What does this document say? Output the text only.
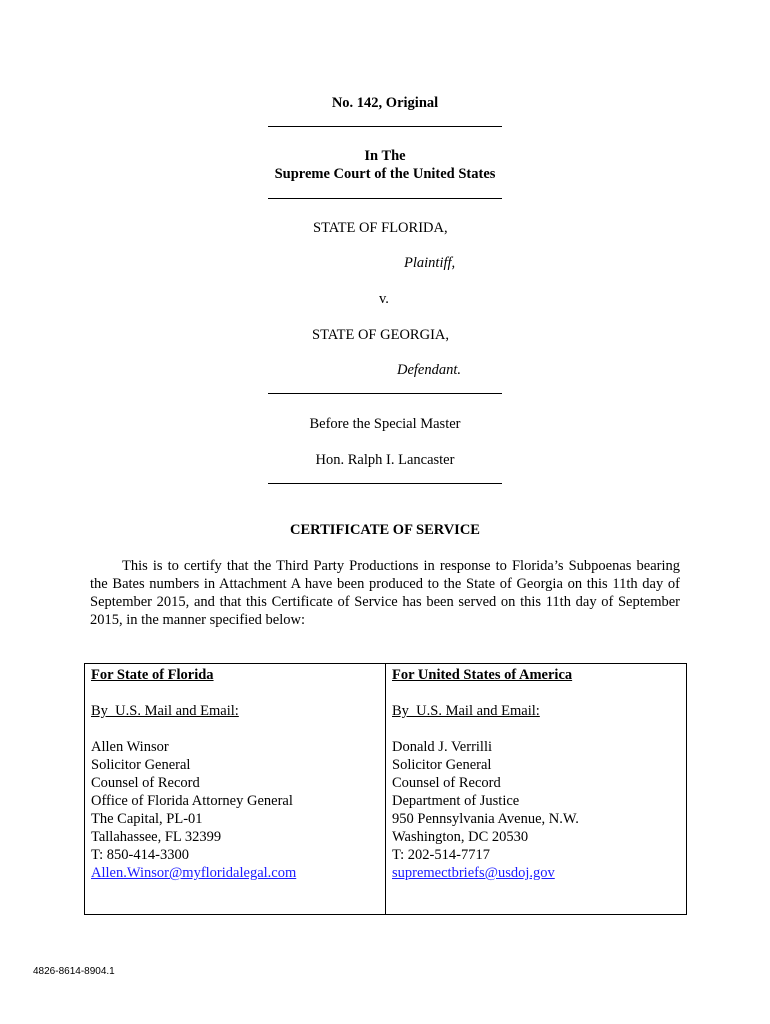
No. 142, Original
In The
Supreme Court of the United States
STATE OF FLORIDA,
Plaintiff,
v.
STATE OF GEORGIA,
Defendant.
Before the Special Master
Hon. Ralph I. Lancaster
CERTIFICATE OF SERVICE
This is to certify that the Third Party Productions in response to Florida’s Subpoenas bearing the Bates numbers in Attachment A have been produced to the State of Georgia on this 11th day of September 2015, and that this Certificate of Service has been served on this 11th day of September 2015, in the manner specified below:
For State of Florida
By  U.S. Mail and Email:
Allen Winsor
Solicitor General
Counsel of Record
Office of Florida Attorney General
The Capital, PL-01
Tallahassee, FL 32399
T: 850-414-3300
Allen.Winsor@myfloridalegal.com

For United States of America
By  U.S. Mail and Email:
Donald J. Verrilli
Solicitor General
Counsel of Record
Department of Justice
950 Pennsylvania Avenue, N.W.
Washington, DC 20530
T: 202-514-7717
supremectbriefs@usdoj.gov
4826-8614-8904.1
